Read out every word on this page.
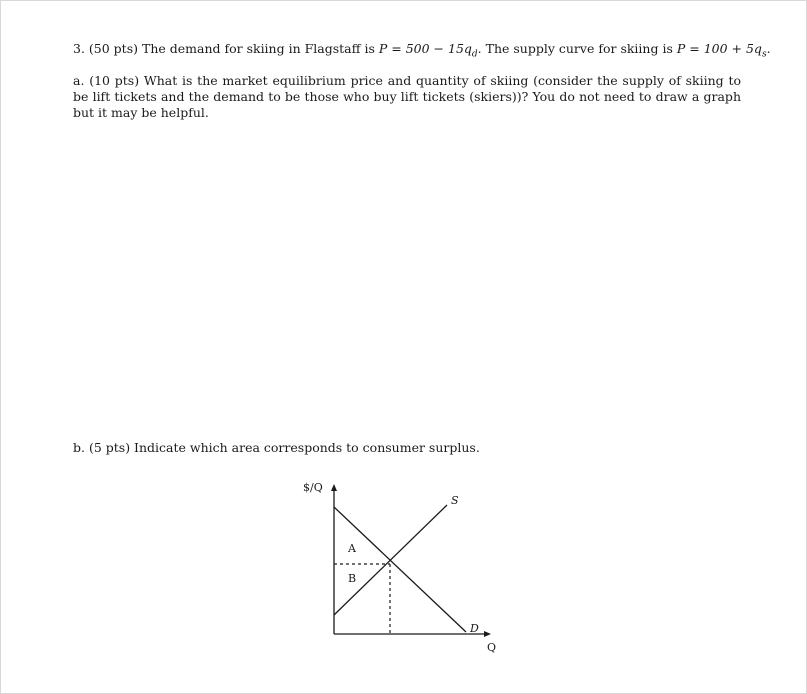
3. (50 pts) The demand for skiing in Flagstaff is $P = 500 - 15q_d$. The supply curve for skiing is $P = 100 + 5q_s$.
a. (10 pts) What is the market equilibrium price and quantity of skiing (consider the supply of skiing to be lift tickets and the demand to be those who buy lift tickets (skiers))? You do not need to draw a graph but it may be helpful.
b. (5 pts) Indicate which area corresponds to consumer surplus.
$/Q
Q
S
D
A
B
